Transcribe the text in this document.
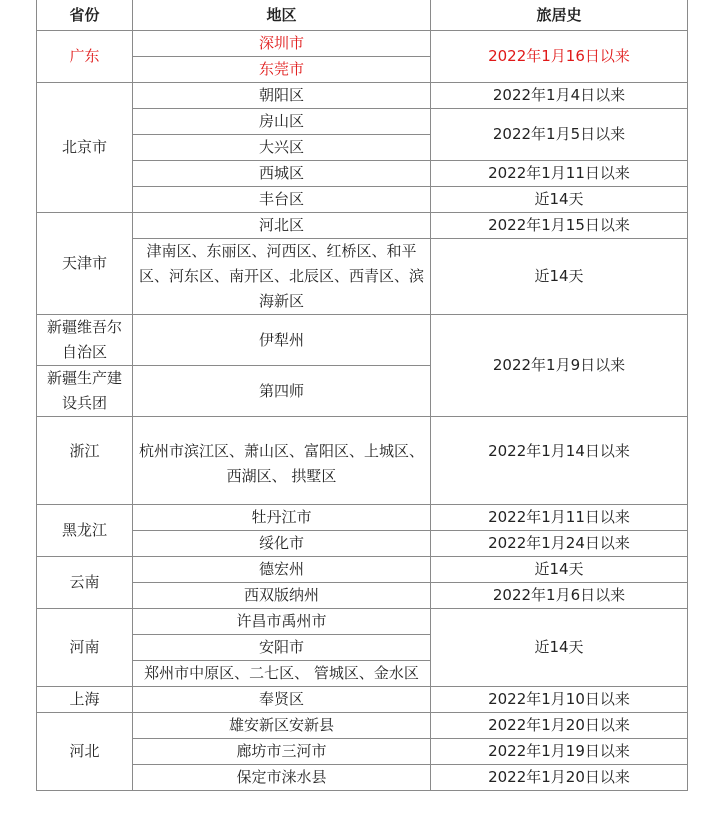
省份	地区	旅居史
广东	深圳市	2022年1月16日以来
	东莞市	
北京市	朝阳区	2022年1月4日以来
	房山区	2022年1月5日以来
	大兴区	
	西城区	2022年1月11日以来
	丰台区	近14天
天津市	河北区	2022年1月15日以来
	津南区、东丽区、河西区、红桥区、和平区、河东区、南开区、北辰区、西青区、滨海新区	近14天
新疆维吾尔自治区	伊犁州	2022年1月9日以来
新疆生产建设兵团	第四师	
浙江	杭州市滨江区、萧山区、富阳区、上城区、西湖区、 拱墅区	2022年1月14日以来
黑龙江	牡丹江市	2022年1月11日以来
	绥化市	2022年1月24日以来
云南	德宏州	近14天
	西双版纳州	2022年1月6日以来
河南	许昌市禹州市	近14天
	安阳市	
	郑州市中原区、二七区、 管城区、金水区	
上海	奉贤区	2022年1月10日以来
河北	雄安新区安新县	2022年1月20日以来
	廊坊市三河市	2022年1月19日以来
	保定市涞水县	2022年1月20日以来
